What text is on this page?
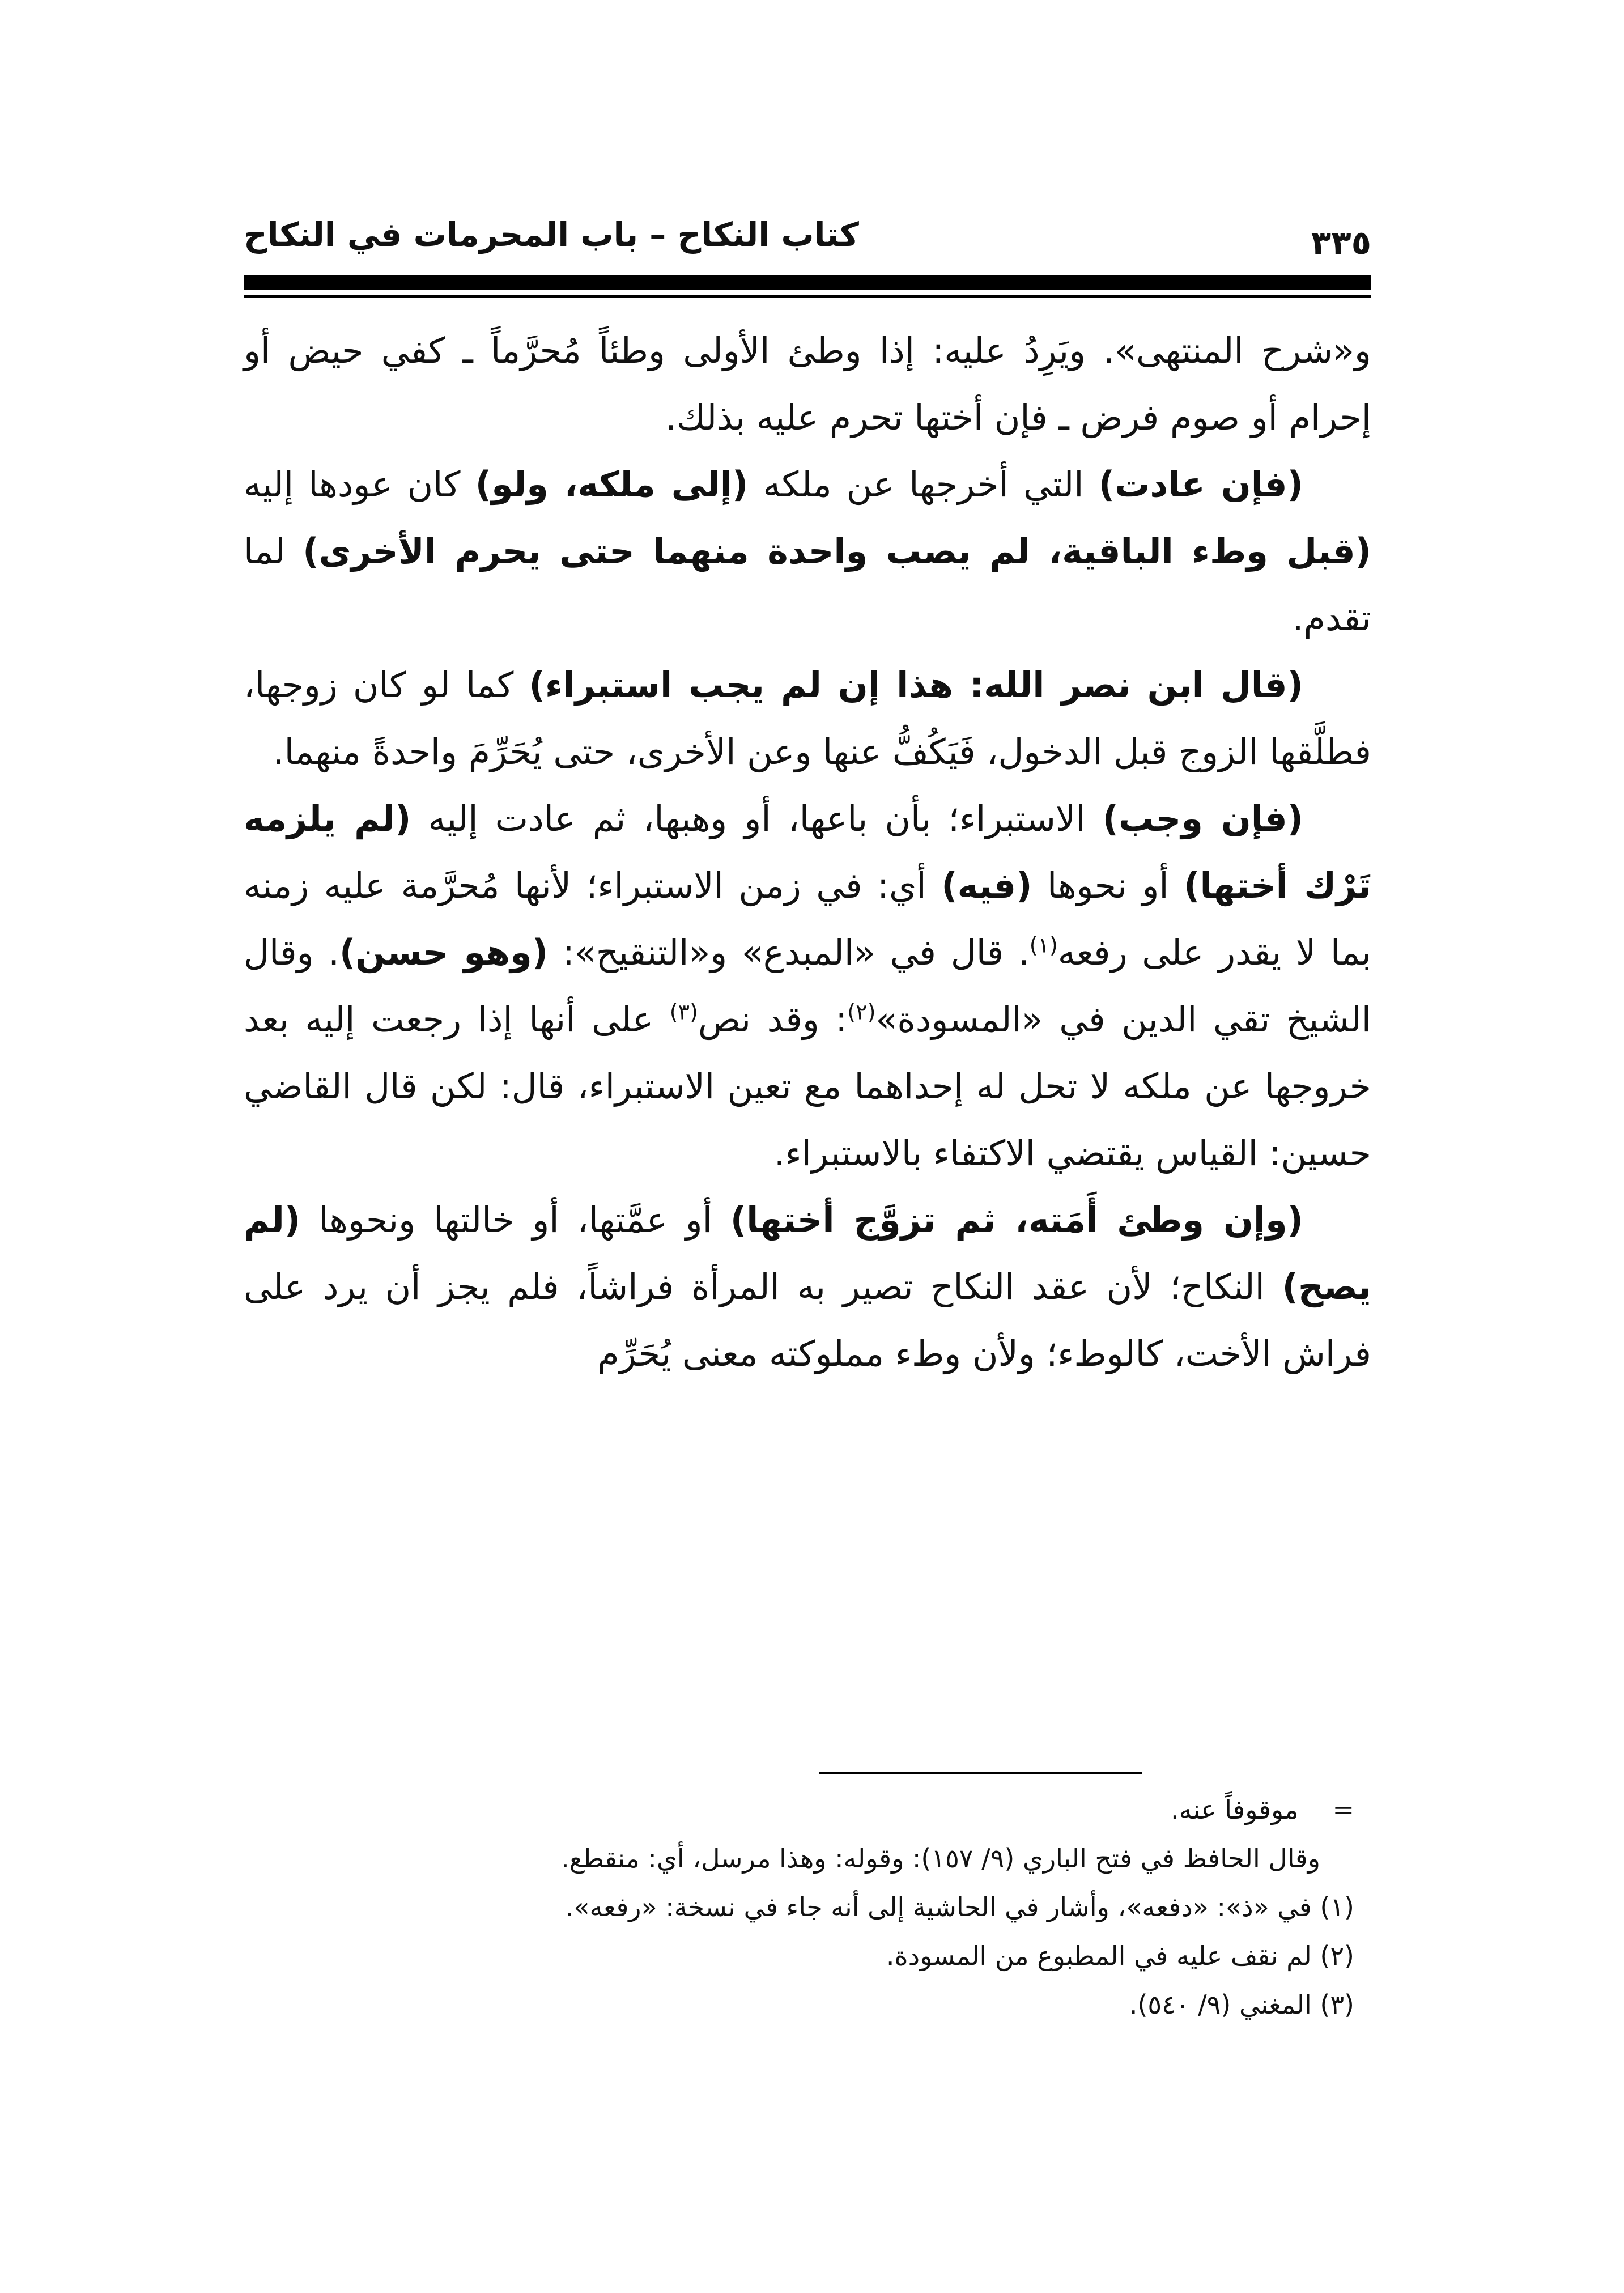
كتاب النكاح – باب المحرمات في النكاح	٣٣٥

و«شرح المنتهى». ويَرِدُ عليه: إذا وطئ الأولى وطئاً مُحرَّماً ـ كفي حيض أو إحرام أو صوم فرض ـ فإن أختها تحرم عليه بذلك.

(فإن عادت) التي أخرجها عن ملكه (إلى ملكه، ولو) كان عودها إليه (قبل وطء الباقية، لم يصب واحدة منهما حتى يحرم الأخرى) لما تقدم.

(قال ابن نصر الله: هذا إن لم يجب استبراء) كما لو كان زوجها، فطلَّقها الزوج قبل الدخول، فَيَكُفُّ عنها وعن الأخرى، حتى يُحَرِّمَ واحدةً منهما.

(فإن وجب) الاستبراء؛ بأن باعها، أو وهبها، ثم عادت إليه (لم يلزمه تَرْك أختها) أو نحوها (فيه) أي: في زمن الاستبراء؛ لأنها مُحرَّمة عليه زمنه بما لا يقدر على رفعه$^{(١)}$. قال في «المبدع» و«التنقيح»: (وهو حسن). وقال الشيخ تقي الدين في «المسودة»$^{(٢)}$: وقد نص$^{(٣)}$ على أنها إذا رجعت إليه بعد خروجها عن ملكه لا تحل له إحداهما مع تعين الاستبراء، قال: لكن قال القاضي حسين: القياس يقتضي الاكتفاء بالاستبراء.

(وإن وطئ أَمَته، ثم تزوَّج أختها) أو عمَّتها، أو خالتها ونحوها (لم يصح) النكاح؛ لأن عقد النكاح تصير به المرأة فراشاً، فلم يجز أن يرد على فراش الأخت، كالوطء؛ ولأن وطء مملوكته معنى يُحَرِّم

=موقوفاً عنه.

وقال الحافظ في فتح الباري (٩/ ١٥٧): وقوله: وهذا مرسل، أي: منقطع.

(١) في «ذ»: «دفعه»، وأشار في الحاشية إلى أنه جاء في نسخة: «رفعه».

(٢) لم نقف عليه في المطبوع من المسودة.

(٣) المغني (٩/ ٥٤٠).
